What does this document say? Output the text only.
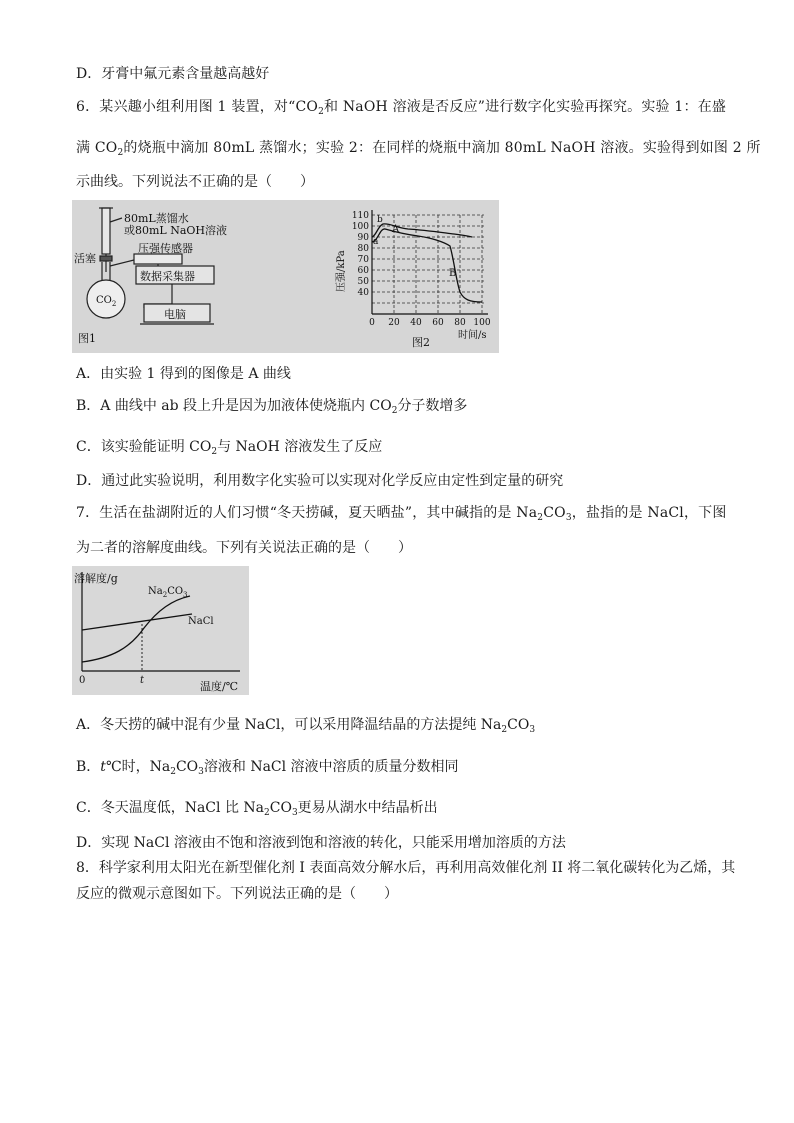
D．牙膏中氟元素含量越高越好
6．某兴趣小组利用图 1 装置，对“$CO_2$和 NaOH 溶液是否反应”进行数字化实验再探究。实验 1：在盛
满 $CO_2$的烧瓶中滴加 80mL 蒸馏水；实验 2：在同样的烧瓶中滴加 80mL NaOH 溶液。实验得到如图 2 所
示曲线。下列说法不正确的是（　　）
80mL蒸馏水
或80mL NaOH溶液
活塞
压强传感器
数据采集器
$CO_2$
电脑
图1
A
B
a
b
110
100
90
80
70
60
50
40
0 20 40 60 80 100
压强/kPa
时间/s
图2
A．由实验 1 得到的图像是 A 曲线
B．A 曲线中 ab 段上升是因为加液体使烧瓶内 $CO_2$分子数增多
C．该实验能证明 $CO_2$与 NaOH 溶液发生了反应
D．通过此实验说明，利用数字化实验可以实现对化学反应由定性到定量的研究
7．生活在盐湖附近的人们习惯“冬天捞碱，夏天晒盐”，其中碱指的是 $Na_2CO_3$，盐指的是 NaCl，下图
为二者的溶解度曲线。下列有关说法正确的是（　　）
溶解度/g
$Na_2CO_3$
NaCl
0	t	温度/℃
A．冬天捞的碱中混有少量 NaCl，可以采用降温结晶的方法提纯 $Na_2CO_3$
B．t℃时，$Na_2CO_3$溶液和 NaCl 溶液中溶质的质量分数相同
C．冬天温度低，NaCl 比 $Na_2CO_3$更易从湖水中结晶析出
D．实现 NaCl 溶液由不饱和溶液到饱和溶液的转化，只能采用增加溶质的方法
8．科学家利用太阳光在新型催化剂 I 表面高效分解水后，再利用高效催化剂 II 将二氧化碳转化为乙烯，其
反应的微观示意图如下。下列说法正确的是（　　）
